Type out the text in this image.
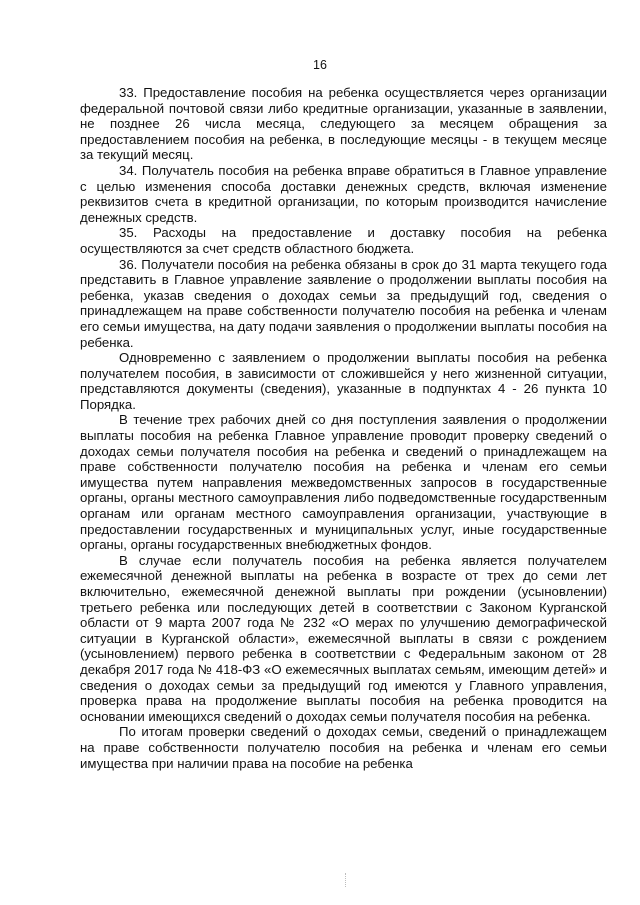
16

33. Предоставление пособия на ребенка осуществляется через организации федеральной почтовой связи либо кредитные организации, указанные в заявлении, не позднее 26 числа месяца, следующего за месяцем обращения за предоставлением пособия на ребенка, в последующие месяцы - в текущем месяце за текущий месяц.

34. Получатель пособия на ребенка вправе обратиться в Главное управление с целью изменения способа доставки денежных средств, включая изменение реквизитов счета в кредитной организации, по которым производится начисление денежных средств.

35. Расходы на предоставление и доставку пособия на ребенка осуществляются за счет средств областного бюджета.

36. Получатели пособия на ребенка обязаны в срок до 31 марта текущего года представить в Главное управление заявление о продолжении выплаты пособия на ребенка, указав сведения о доходах семьи за предыдущий год, сведения о принадлежащем на праве собственности получателю пособия на ребенка и членам его семьи имущества, на дату подачи заявления о продолжении выплаты пособия на ребенка.

Одновременно с заявлением о продолжении выплаты пособия на ребенка получателем пособия, в зависимости от сложившейся у него жизненной ситуации, представляются документы (сведения), указанные в подпунктах 4 - 26 пункта 10 Порядка.

В течение трех рабочих дней со дня поступления заявления о продолжении выплаты пособия на ребенка Главное управление проводит проверку сведений о доходах семьи получателя пособия на ребенка и сведений о принадлежащем на праве собственности получателю пособия на ребенка и членам его семьи имущества путем направления межведомственных запросов в государственные органы, органы местного самоуправления либо подведомственные государственным органам или органам местного самоуправления организации, участвующие в предоставлении государственных и муниципальных услуг, иные государственные органы, органы государственных внебюджетных фондов.

В случае если получатель пособия на ребенка является получателем ежемесячной денежной выплаты на ребенка в возрасте от трех до семи лет включительно, ежемесячной денежной выплаты при рождении (усыновлении) третьего ребенка или последующих детей в соответствии с Законом Курганской области от 9 марта 2007 года № 232 «О мерах по улучшению демографической ситуации в Курганской области», ежемесячной выплаты в связи с рождением (усыновлением) первого ребенка в соответствии с Федеральным законом от 28 декабря 2017 года № 418-ФЗ «О ежемесячных выплатах семьям, имеющим детей» и сведения о доходах семьи за предыдущий год имеются у Главного управления, проверка права на продолжение выплаты пособия на ребенка проводится на основании имеющихся сведений о доходах семьи получателя пособия на ребенка.

По итогам проверки сведений о доходах семьи, сведений о принадлежащем на праве собственности получателю пособия на ребенка и членам его семьи имущества при наличии права на пособие на ребенка
